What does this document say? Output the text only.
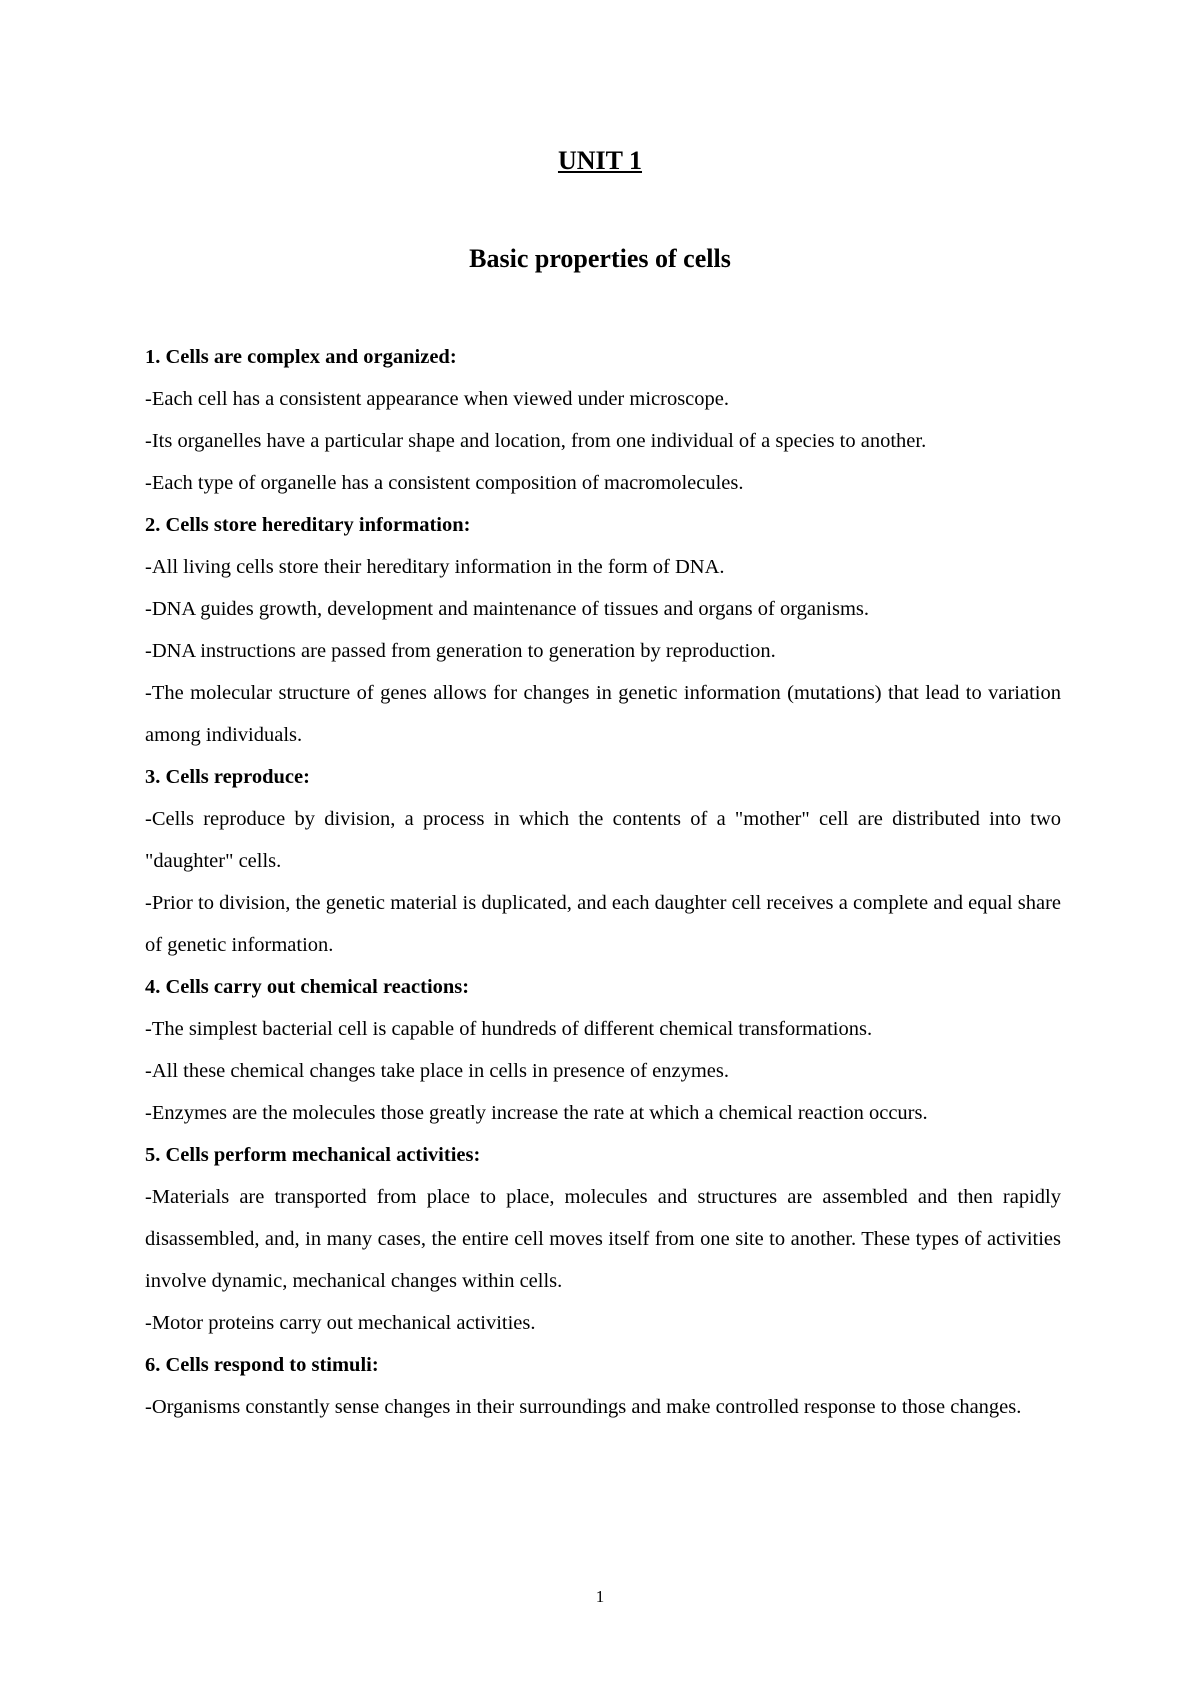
UNIT 1
Basic properties of cells

1. Cells are complex and organized:

-Each cell has a consistent appearance when viewed under microscope.

-Its organelles have a particular shape and location, from one individual of a species to another.

-Each type of organelle has a consistent composition of macromolecules.

2. Cells store hereditary information:

-All living cells store their hereditary information in the form of DNA.

-DNA guides growth, development and maintenance of tissues and organs of organisms.

-DNA instructions are passed from generation to generation by reproduction.

-The molecular structure of genes allows for changes in genetic information (mutations) that lead to variation among individuals.

3. Cells reproduce:

-Cells reproduce by division, a process in which the contents of a "mother" cell are distributed into two "daughter" cells.

-Prior to division, the genetic material is duplicated, and each daughter cell receives a complete and equal share of genetic information.

4. Cells carry out chemical reactions:

-The simplest bacterial cell is capable of hundreds of different chemical transformations.

-All these chemical changes take place in cells in presence of enzymes.

-Enzymes are the molecules those greatly increase the rate at which a chemical reaction occurs.

5. Cells perform mechanical activities:

-Materials are transported from place to place, molecules and structures are assembled and then rapidly disassembled, and, in many cases, the entire cell moves itself from one site to another. These types of activities involve dynamic, mechanical changes within cells.

-Motor proteins carry out mechanical activities.

6. Cells respond to stimuli:

-Organisms constantly sense changes in their surroundings and make controlled response to those changes.

1
